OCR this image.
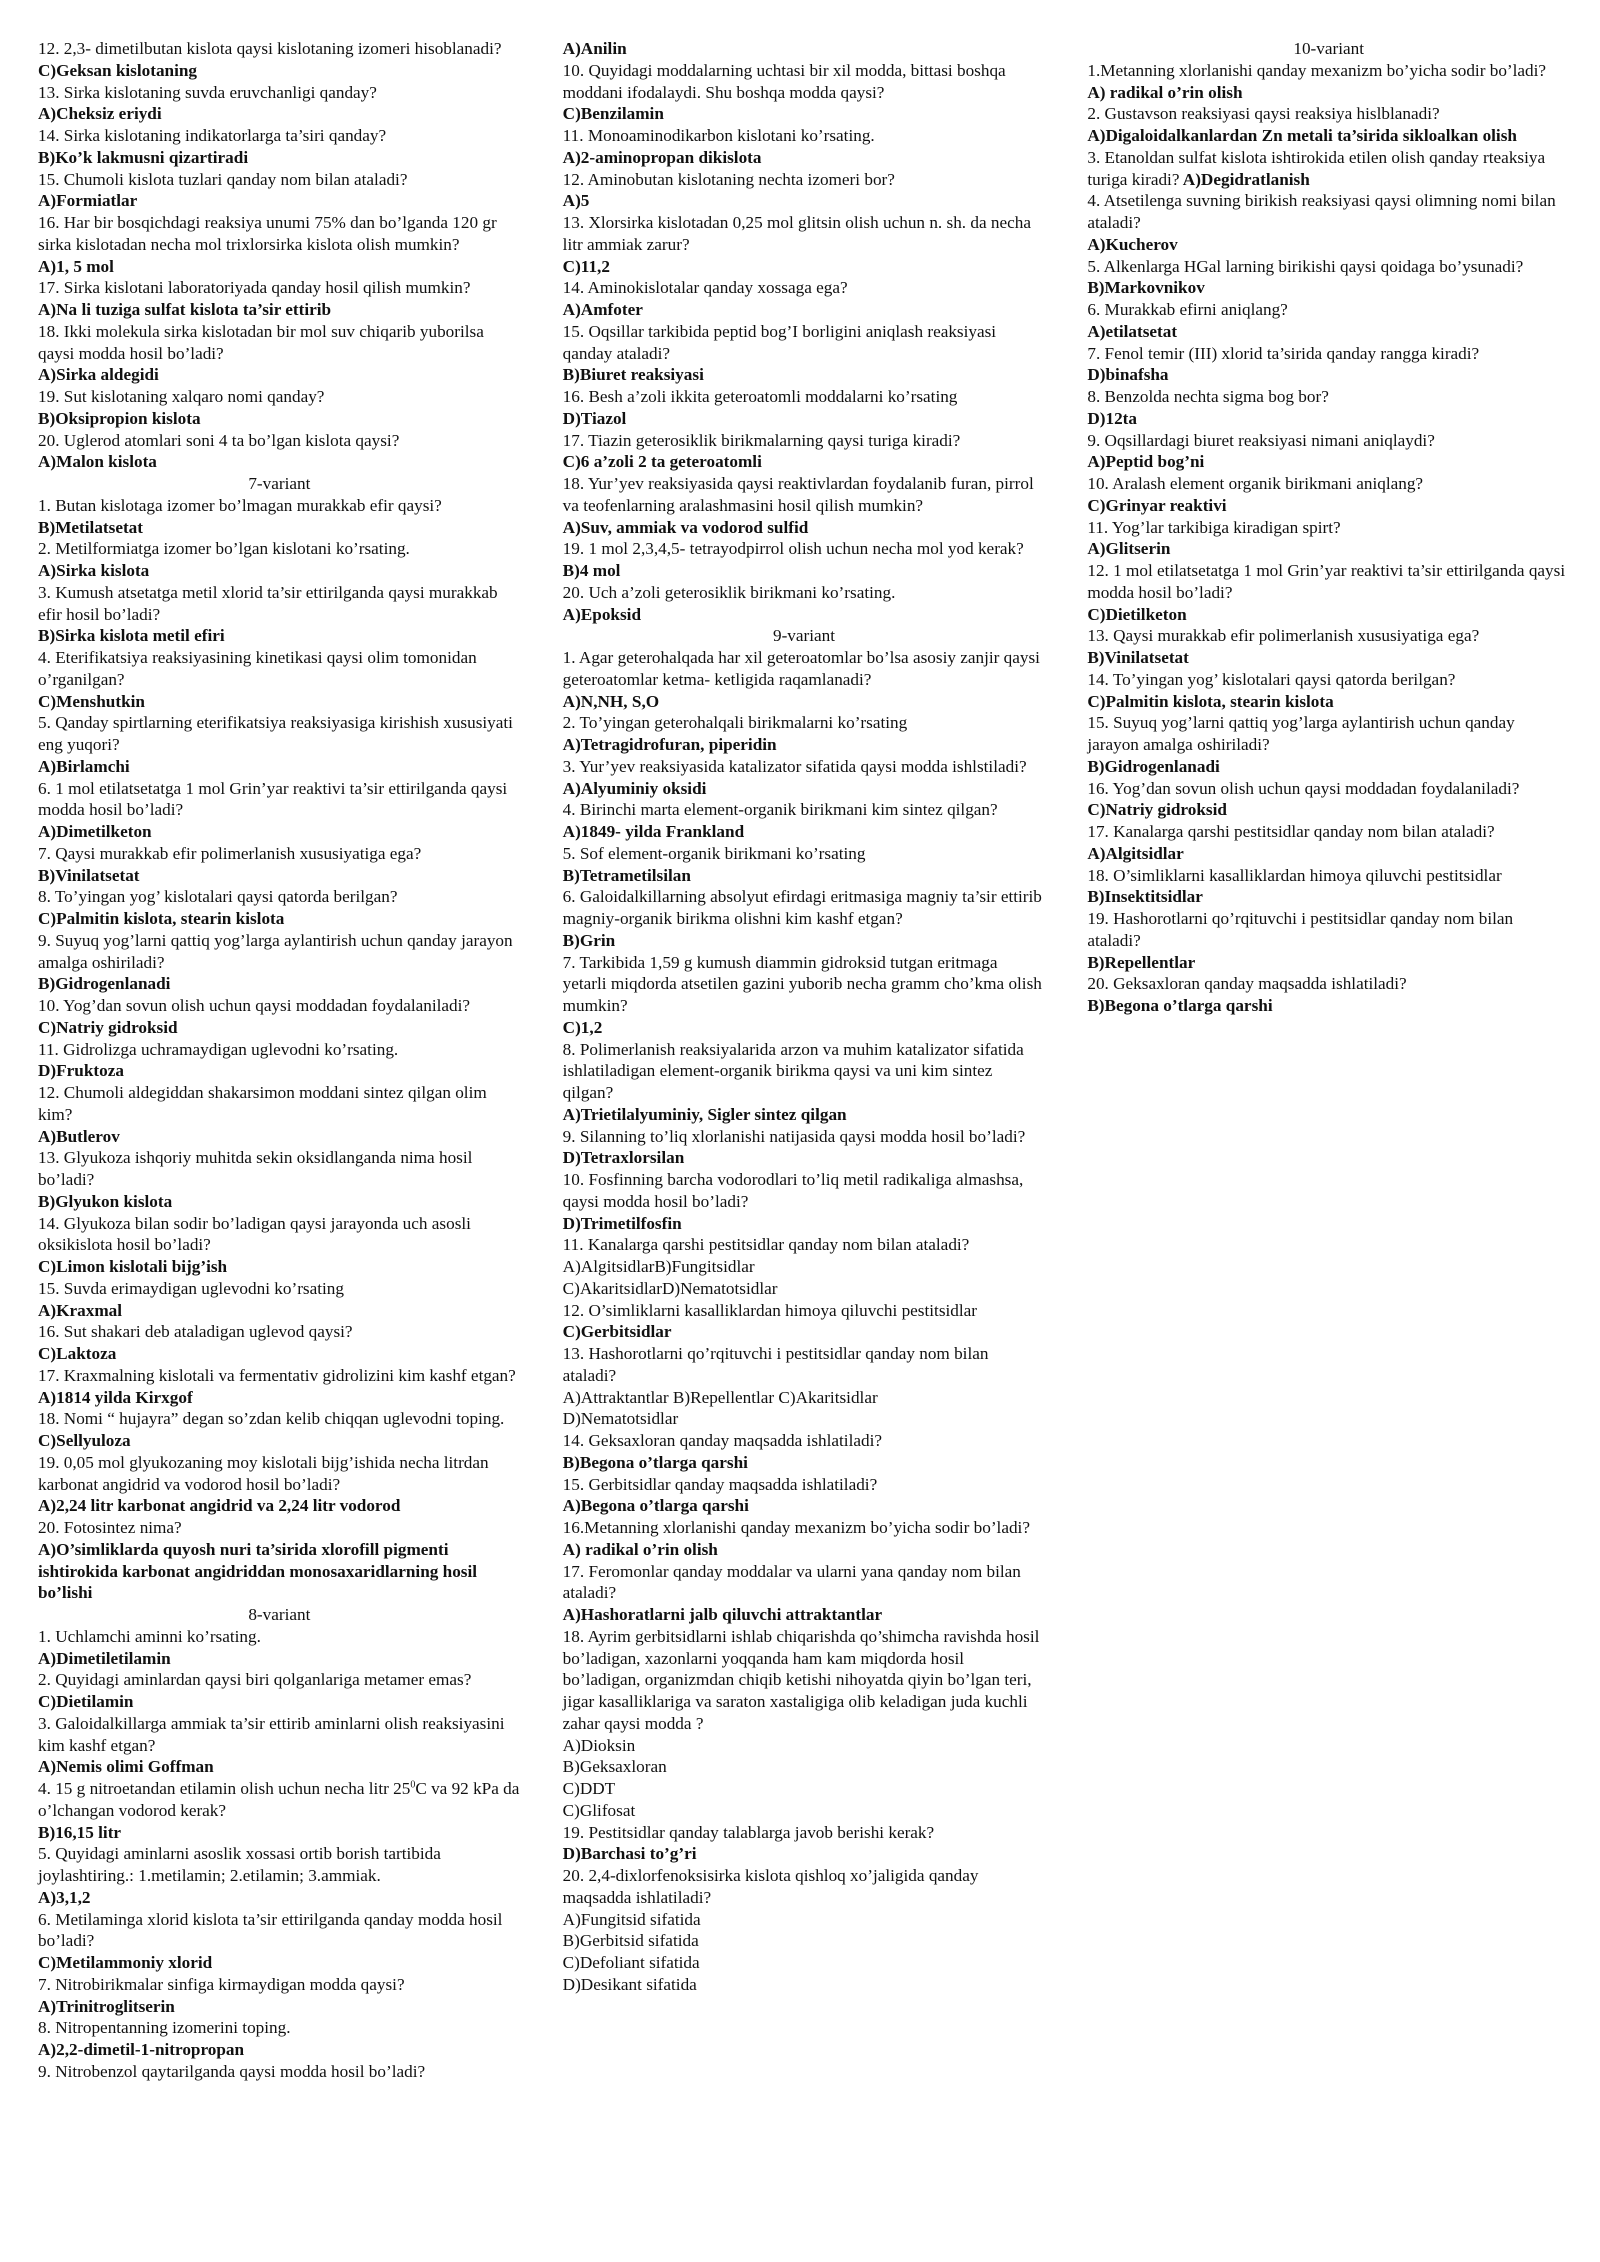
12. 2,3- dimetilbutan kislota qaysi kislotaning izomeri hisoblanadi?
C)Geksan kislotaning
13. Sirka kislotaning suvda eruvchanligi qanday?
A)Cheksiz eriydi
14. Sirka kislotaning indikatorlarga ta’siri qanday?
B)Ko’k lakmusni qizartiradi
15. Chumoli kislota tuzlari qanday nom bilan ataladi?
A)Formiatlar
16. Har bir bosqichdagi reaksiya unumi 75% dan bo’lganda 120 gr sirka kislotadan necha mol trixlorsirka kislota olish mumkin?
A)1, 5 mol
17. Sirka kislotani laboratoriyada qanday hosil qilish mumkin?
A)Na li tuziga sulfat kislota ta’sir ettirib
18. Ikki molekula sirka kislotadan bir mol suv chiqarib yuborilsa qaysi modda hosil bo’ladi?
A)Sirka aldegidi
19. Sut kislotaning xalqaro nomi qanday?
B)Oksipropion kislota
20. Uglerod atomlari soni 4 ta bo’lgan kislota qaysi?
A)Malon kislota
7-variant
1. Butan kislotaga izomer bo’lmagan murakkab efir qaysi?
B)Metilatsetat
2. Metilformiatga izomer bo’lgan kislotani ko’rsating.
A)Sirka kislota
3. Kumush atsetatga metil xlorid ta’sir ettirilganda qaysi murakkab efir hosil bo’ladi?
B)Sirka kislota metil efiri
4. Eterifikatsiya reaksiyasining kinetikasi qaysi olim tomonidan o’rganilgan?
C)Menshutkin
5. Qanday spirtlarning eterifikatsiya reaksiyasiga kirishish xususiyati eng yuqori?
A)Birlamchi
6. 1 mol etilatsetatga 1 mol Grin’yar reaktivi ta’sir ettirilganda qaysi modda hosil bo’ladi?
A)Dimetilketon
7. Qaysi murakkab efir polimerlanish xususiyatiga ega?
B)Vinilatsetat
8. To’yingan yog’ kislotalari qaysi qatorda berilgan?
C)Palmitin kislota, stearin kislota
9. Suyuq yog’larni qattiq yog’larga aylantirish uchun qanday jarayon amalga oshiriladi?
B)Gidrogenlanadi
10. Yog’dan sovun olish uchun qaysi moddadan foydalaniladi?
C)Natriy gidroksid
11. Gidrolizga uchramaydigan uglevodni ko’rsating.
D)Fruktoza
12. Chumoli aldegiddan shakarsimon moddani sintez qilgan olim kim?
A)Butlerov
13. Glyukoza ishqoriy muhitda sekin oksidlanganda nima hosil bo’ladi?
B)Glyukon kislota
14. Glyukoza bilan sodir bo’ladigan qaysi jarayonda uch asosli oksikislota hosil bo’ladi?
C)Limon kislotali bijg’ish
15. Suvda erimaydigan uglevodni ko’rsating
A)Kraxmal
16. Sut shakari deb ataladigan uglevod qaysi?
C)Laktoza
17. Kraxmalning kislotali va fermentativ gidrolizini kim kashf etgan?
A)1814 yilda Kirxgof
18. Nomi “ hujayra” degan so’zdan kelib chiqqan uglevodni toping.
C)Sellyuloza
19. 0,05 mol glyukozaning moy kislotali bijg’ishida necha litrdan karbonat angidrid va vodorod hosil bo’ladi?
A)2,24 litr karbonat angidrid va 2,24 litr vodorod
20. Fotosintez nima?
A)O’simliklarda quyosh nuri ta’sirida xlorofill pigmenti ishtirokida karbonat angidriddan monosaxaridlarning hosil bo’lishi
8-variant
1. Uchlamchi aminni ko’rsating.
A)Dimetiletilamin
2. Quyidagi aminlardan qaysi biri qolganlariga metamer emas?
C)Dietilamin
3. Galoidalkillarga ammiak ta’sir ettirib aminlarni olish reaksiyasini kim kashf etgan?
A)Nemis olimi Goffman
4. 15 g nitroetandan etilamin olish uchun necha litr $25^0C$ va 92 kPa da o’lchangan vodorod kerak?
B)16,15 litr
5. Quyidagi aminlarni asoslik xossasi ortib borish tartibida joylashtiring.: 1.metilamin; 2.etilamin; 3.ammiak.
A)3,1,2
6. Metilaminga xlorid kislota ta’sir ettirilganda qanday modda hosil bo’ladi?
C)Metilammoniy xlorid
7. Nitrobirikmalar sinfiga kirmaydigan modda qaysi?
A)Trinitroglitserin
8. Nitropentanning izomerini toping.
A)2,2-dimetil-1-nitropropan
9. Nitrobenzol qaytarilganda qaysi modda hosil bo’ladi?
A)Anilin
10. Quyidagi moddalarning uchtasi bir xil modda, bittasi boshqa moddani ifodalaydi. Shu boshqa modda qaysi?
C)Benzilamin
11. Monoaminodikarbon kislotani ko’rsating.
A)2-aminopropan dikislota
12. Aminobutan kislotaning nechta izomeri bor?
A)5
13. Xlorsirka kislotadan 0,25 mol glitsin olish uchun n. sh. da necha litr ammiak zarur?
C)11,2
14. Aminokislotalar qanday xossaga ega?
A)Amfoter
15. Oqsillar tarkibida peptid bog’I borligini aniqlash reaksiyasi qanday ataladi?
B)Biuret reaksiyasi
16. Besh a’zoli ikkita geteroatomli moddalarni ko’rsating
D)Tiazol
17. Tiazin geterosiklik birikmalarning qaysi turiga kiradi?
C)6 a’zoli 2 ta geteroatomli
18. Yur’yev reaksiyasida qaysi reaktivlardan foydalanib furan, pirrol va teofenlarning aralashmasini hosil qilish mumkin?
A)Suv, ammiak va vodorod sulfid
19. 1 mol 2,3,4,5- tetrayodpirrol olish uchun necha mol yod kerak?
B)4 mol
20. Uch a’zoli geterosiklik birikmani ko’rsating.
A)Epoksid
9-variant
1. Agar geterohalqada har xil geteroatomlar bo’lsa asosiy zanjir qaysi geteroatomlar ketma- ketligida raqamlanadi?
A)N,NH, S,O
2. To’yingan geterohalqali birikmalarni ko’rsating
A)Tetragidrofuran, piperidin
3. Yur’yev reaksiyasida katalizator sifatida qaysi modda ishlstiladi?
A)Alyuminiy oksidi
4. Birinchi marta element-organik birikmani kim sintez qilgan?
A)1849- yilda Frankland
5. Sof element-organik birikmani ko’rsating
B)Tetrametilsilan
6. Galoidalkillarning absolyut efirdagi eritmasiga magniy ta’sir ettirib magniy-organik birikma olishni kim kashf etgan?
B)Grin
7. Tarkibida 1,59 g kumush diammin gidroksid tutgan eritmaga yetarli miqdorda atsetilen gazini yuborib necha gramm cho’kma olish mumkin?
C)1,2
8. Polimerlanish reaksiyalarida arzon va muhim katalizator sifatida ishlatiladigan element-organik birikma qaysi va uni kim sintez qilgan?
A)Trietilalyuminiy, Sigler sintez qilgan
9. Silanning to’liq xlorlanishi natijasida qaysi modda hosil bo’ladi?
D)Tetraxlorsilan
10. Fosfinning barcha vodorodlari to’liq metil radikaliga almashsa, qaysi modda hosil bo’ladi?
D)Trimetilfosfin
11. Kanalarga qarshi pestitsidlar qanday nom bilan ataladi?
A)AlgitsidlarB)Fungitsidlar
C)AkaritsidlarD)Nematotsidlar
12. O’simliklarni kasalliklardan himoya qiluvchi pestitsidlar
C)Gerbitsidlar
13. Hashorotlarni qo’rqituvchi i pestitsidlar qanday nom bilan ataladi?
A)Attraktantlar B)Repellentlar C)Akaritsidlar
D)Nematotsidlar
14. Geksaxloran qanday maqsadda ishlatiladi?
B)Begona o’tlarga qarshi
15. Gerbitsidlar qanday maqsadda ishlatiladi?
A)Begona o’tlarga qarshi
16.Metanning xlorlanishi qanday mexanizm bo’yicha sodir bo’ladi?
A) radikal o’rin olish
17. Feromonlar qanday moddalar va ularni yana qanday nom bilan ataladi?
A)Hashoratlarni jalb qiluvchi attraktantlar
18. Ayrim gerbitsidlarni ishlab chiqarishda qo’shimcha ravishda hosil bo’ladigan, xazonlarni yoqqanda ham kam miqdorda hosil bo’ladigan, organizmdan chiqib ketishi nihoyatda qiyin bo’lgan teri, jigar kasalliklariga va saraton xastaligiga olib keladigan juda kuchli zahar qaysi modda ?
A)Dioksin
B)Geksaxloran
C)DDT
C)Glifosat
19. Pestitsidlar qanday talablarga javob berishi kerak?
D)Barchasi to’g’ri
20. 2,4-dixlorfenoksisirka kislota qishloq xo’jaligida qanday maqsadda ishlatiladi?
A)Fungitsid sifatida
B)Gerbitsid sifatida
C)Defoliant sifatida
D)Desikant sifatida
10-variant
1.Metanning xlorlanishi qanday mexanizm bo’yicha sodir bo’ladi?
A) radikal o’rin olish
2. Gustavson reaksiyasi qaysi reaksiya hislblanadi?
A)Digaloidalkanlardan Zn metali ta’sirida sikloalkan olish
3. Etanoldan sulfat kislota ishtirokida etilen olish qanday rteaksiya turiga kiradi? A)Degidratlanish
4. Atsetilenga suvning birikish reaksiyasi qaysi olimning nomi bilan ataladi?
A)Kucherov
5. Alkenlarga HGal larning birikishi qaysi qoidaga bo’ysunadi?
B)Markovnikov
6. Murakkab efirni aniqlang?
A)etilatsetat
7. Fenol temir (III) xlorid ta’sirida qanday rangga kiradi?
D)binafsha
8. Benzolda nechta sigma bog bor?
D)12ta
9. Oqsillardagi biuret reaksiyasi nimani aniqlaydi?
A)Peptid bog’ni
10. Aralash element organik birikmani aniqlang?
C)Grinyar reaktivi
11. Yog’lar tarkibiga kiradigan spirt?
A)Glitserin
12. 1 mol etilatsetatga 1 mol Grin’yar reaktivi ta’sir ettirilganda qaysi modda hosil bo’ladi?
C)Dietilketon
13. Qaysi murakkab efir polimerlanish xususiyatiga ega?
B)Vinilatsetat
14. To’yingan yog’ kislotalari qaysi qatorda berilgan?
C)Palmitin kislota, stearin kislota
15. Suyuq yog’larni qattiq yog’larga aylantirish uchun qanday jarayon amalga oshiriladi?
B)Gidrogenlanadi
16. Yog’dan sovun olish uchun qaysi moddadan foydalaniladi?
C)Natriy gidroksid
17. Kanalarga qarshi pestitsidlar qanday nom bilan ataladi?
A)Algitsidlar
18. O’simliklarni kasalliklardan himoya qiluvchi pestitsidlar
B)Insektitsidlar
19. Hashorotlarni qo’rqituvchi i pestitsidlar qanday nom bilan ataladi?
B)Repellentlar
20. Geksaxloran qanday maqsadda ishlatiladi?
B)Begona o’tlarga qarshi
